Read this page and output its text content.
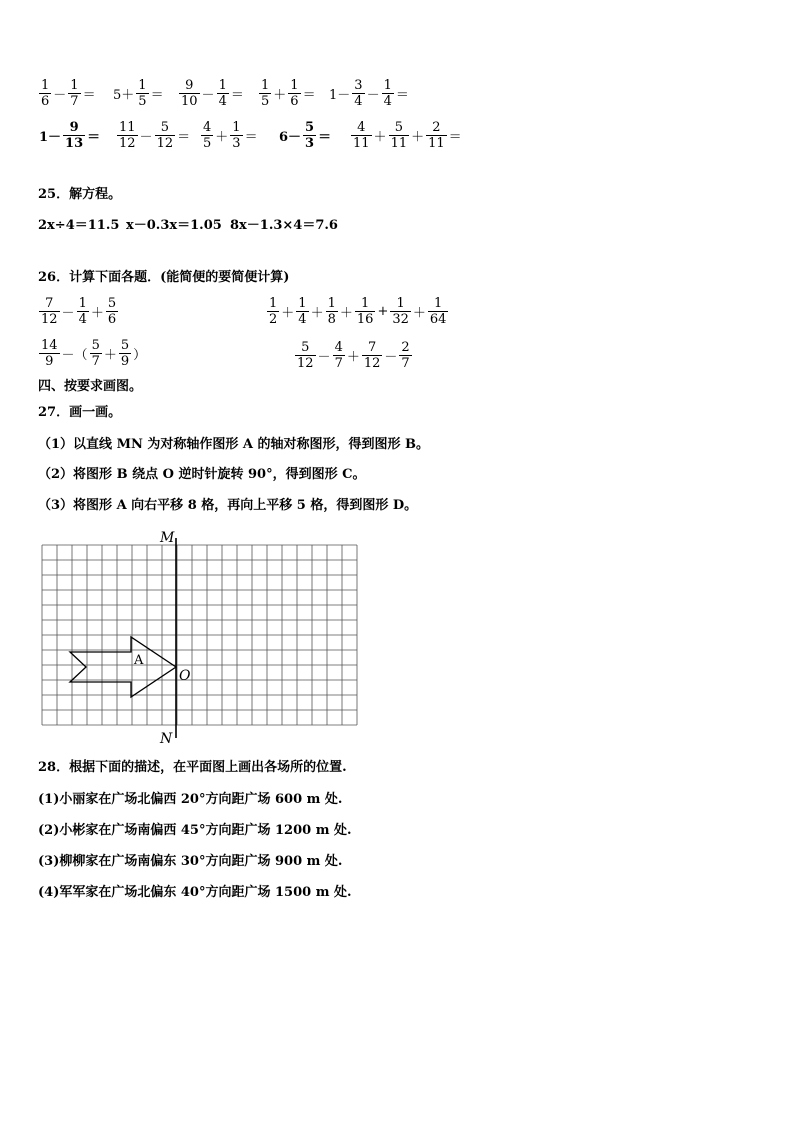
$\frac{1}{6} - \frac{1}{7} = 5+ \frac{1}{5} = \frac{9}{10} - \frac{1}{4} = \frac{1}{5} + \frac{1}{6} = 1- \frac{3}{4} - \frac{1}{4}$ ＝
$1- \frac{9}{13} = \frac{11}{12} - \frac{5}{12} = \frac{4}{5} + \frac{1}{3} = 6- \frac{5}{3} = \frac{4}{11} + \frac{5}{11} + \frac{2}{11}$ ＝
25．解方程。
2x÷4＝11.5 x－0.3x＝1.05 8x－1.3×4＝7.6
26．计算下面各题．(能简便的要简便计算)
$\frac{7}{12} - \frac{1}{4} + \frac{5}{6}$	$\frac{1}{2} + \frac{1}{4} + \frac{1}{8} + \frac{1}{16} + \frac{1}{32} + \frac{1}{64}$
$\frac{14}{9}$ －（ $\frac{5}{7} + \frac{5}{9}$ ）	$\frac{5}{12} - \frac{4}{7} + \frac{7}{12} - \frac{2}{7}$
四、按要求画图。
27．画一画。
（1）以直线 MN 为对称轴作图形 A 的轴对称图形，得到图形 B。
（2）将图形 B 绕点 O 逆时针旋转 90°，得到图形 C。
（3）将图形 A 向右平移 8 格，再向上平移 5 格，得到图形 D。
M
N
O
A
28．根据下面的描述，在平面图上画出各场所的位置.
(1)小丽家在广场北偏西 20°方向距广场 600 m 处.
(2)小彬家在广场南偏西 45°方向距广场 1200 m 处.
(3)柳柳家在广场南偏东 30°方向距广场 900 m 处.
(4)军军家在广场北偏东 40°方向距广场 1500 m 处.
